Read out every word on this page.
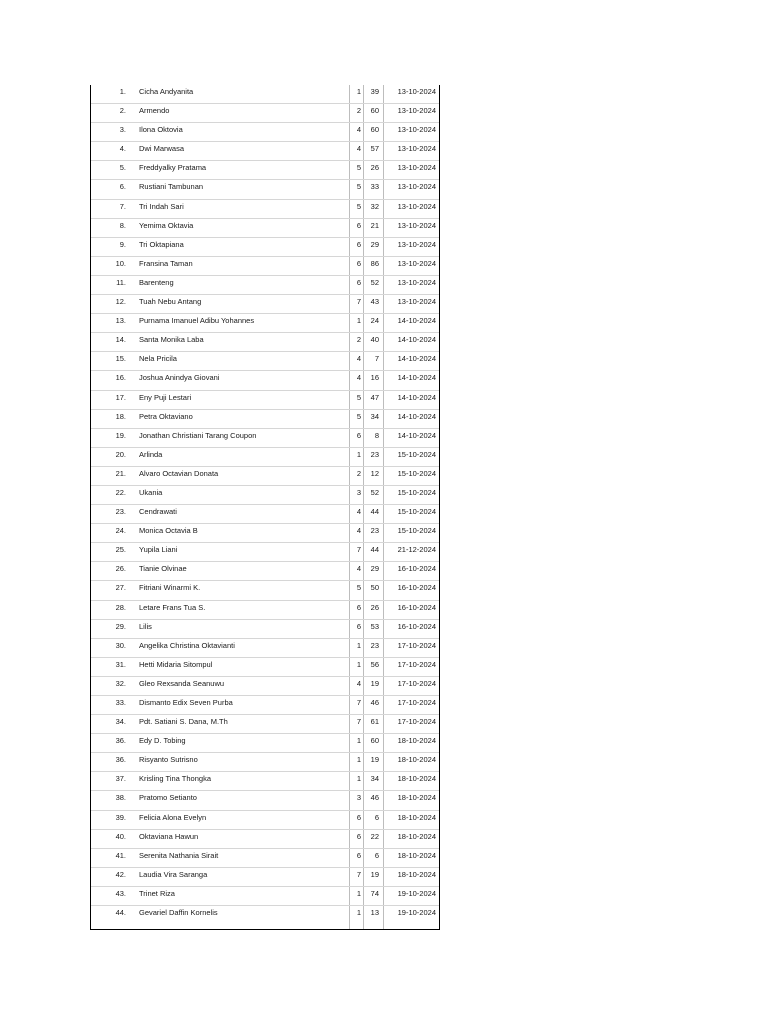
1. Cicha Andyanita	1	39	13-10-2024
2. Armendo	2	60	13-10-2024
3. Ilona Oktovia	4	60	13-10-2024
4. Dwi Marwasa	4	57	13-10-2024
5. Freddyalky Pratama	5	26	13-10-2024
6. Rustiani Tambunan	5	33	13-10-2024
7. Tri Indah Sari	5	32	13-10-2024
8. Yemima Oktavia	6	21	13-10-2024
9. Tri Oktapiana	6	29	13-10-2024
10. Fransina Taman	6	86	13-10-2024
11. Barenteng	6	52	13-10-2024
12. Tuah Nebu Antang	7	43	13-10-2024
13. Purnama Imanuel Adibu Yohannes	1	24	14-10-2024
14. Santa Monika Laba	2	40	14-10-2024
15. Nela Pricila	4	7	14-10-2024
16. Joshua Anindya Giovani	4	16	14-10-2024
17. Eny Puji Lestari	5	47	14-10-2024
18. Petra Oktaviano	5	34	14-10-2024
19. Jonathan Christiani Tarang Coupon	6	8	14-10-2024
20. Arlinda	1	23	15-10-2024
21. Alvaro Octavian Donata	2	12	15-10-2024
22. Ukania	3	52	15-10-2024
23. Cendrawati	4	44	15-10-2024
24. Monica Octavia B	4	23	15-10-2024
25. Yupila Liani	7	44	21-12-2024
26. Tianie Olvinae	4	29	16-10-2024
27. Fitriani Winarmi K.	5	50	16-10-2024
28. Letare Frans Tua S.	6	26	16-10-2024
29. Lilis	6	53	16-10-2024
30. Angelika Christina Oktavianti	1	23	17-10-2024
31. Hetti Midaria Sitompul	1	56	17-10-2024
32. Gleo Rexsanda Seanuwu	4	19	17-10-2024
33. Dismanto Edix Seven Purba	7	46	17-10-2024
34. Pdt. Satiani S. Dana, M.Th	7	61	17-10-2024
36. Edy D. Tobing	1	60	18-10-2024
36. Risyanto Sutrisno	1	19	18-10-2024
37. Krisling Tina Thongka	1	34	18-10-2024
38. Pratomo Setianto	3	46	18-10-2024
39. Felicia Alona Evelyn	6	6	18-10-2024
40. Oktaviana Hawun	6	22	18-10-2024
41. Serenita Nathania Sirait	6	6	18-10-2024
42. Laudia Vira Saranga	7	19	18-10-2024
43. Trinet Riza	1	74	19-10-2024
44. Gevariel Daffin Kornelis	1	13	19-10-2024
